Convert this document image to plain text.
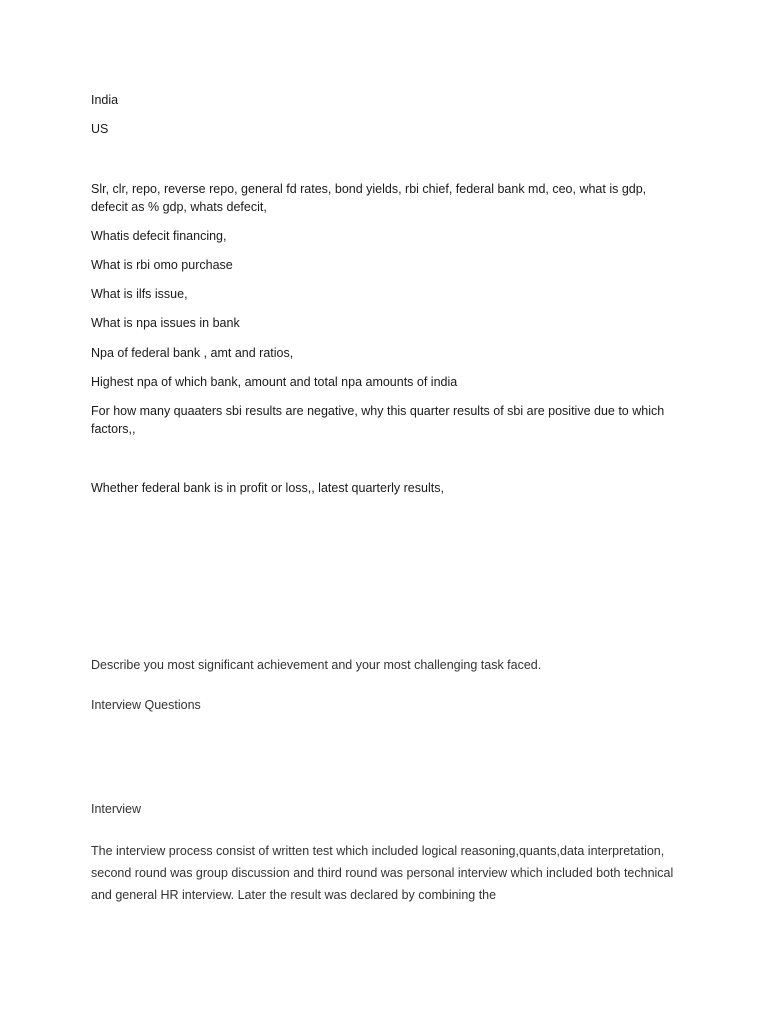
India

US

Slr, clr, repo, reverse repo, general fd rates, bond yields, rbi chief, federal bank md, ceo, what is gdp, defecit as % gdp, whats defecit,

Whatis defecit financing,

What is rbi omo purchase

What is ilfs issue,

What is npa issues in bank

Npa of federal bank , amt and ratios,

Highest npa of which bank, amount and total npa amounts of india

For how many quaaters sbi results are negative, why this quarter results of sbi are positive due to which factors,,

Whether federal bank is in profit or loss,, latest quarterly results,

Describe you most significant achievement and your most challenging task faced.

Interview Questions

Interview

The interview process consist of written test which included logical reasoning,quants,data interpretation, second round was group discussion and third round was personal interview which included both technical and general HR interview. Later the result was declared by combining the
